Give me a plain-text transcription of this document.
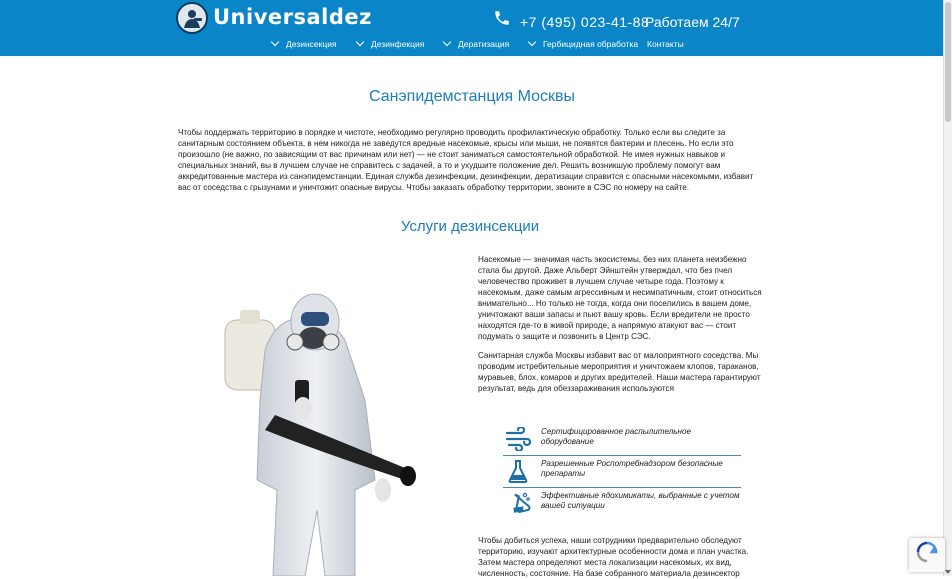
Universaldez	+7 (495) 023-41-88
Работаем 24/7
Дезинсекция	Дезинфекция	Дератизация	Гербицидная обработка Контакты
Санэпидемстанция Москвы
Чтобы поддержать территорию в порядке и чистоте, необходимо регулярно проводить профилактическую обработку. Только если вы следите за санитарным состоянием объекта, в нем никогда не заведутся вредные насекомые, крысы или мыши, не появятся бактерии и плесень. Но если это произошло (не важно, по зависящим от вас причинам или нет) — не стоит заниматься самостоятельной обработкой. Не имея нужных навыков и специальных знаний, вы в лучшем случае не справитесь с задачей, а то и ухудшите положение дел. Решить возникшую проблему помогут вам аккредитованные мастера из санэпидемстанции. Единая служба дезинфекции, дезинфекции, дератизации справится с опасными насекомыми, избавит вас от соседства с грызунами и уничтожит опасные вирусы. Чтобы заказать обработку территории, звоните в СЭС по номеру на сайте.
Услуги дезинсекции
Насекомые — значимая часть экосистемы, без них планета неизбежно стала бы другой. Даже Альберт Эйнштейн утверждал, что без пчел человечество проживет в лучшем случае четыре года. Поэтому к насекомым, даже самым агрессивным и несимпатичным, стоит относиться внимательно... Но только не тогда, когда они поселились в вашем доме, уничтожают ваши запасы и пьют вашу кровь. Если вредители не просто находятся где-то в живой природе, а напрямую атакуют вас — стоит подумать о защите и позвонить в Центр СЭС.
Санитарная служба Москвы избавит вас от малоприятного соседства. Мы проводим истребительные мероприятия и уничтожаем клопов, тараканов, муравьев, блох, комаров и других вредителей. Наши мастера гарантируют результат, ведь для обеззараживания используются
Сертифицированное распылительное оборудование
Разрешенные Роспотребнадзором безопасные препараты
Эффективные ядохимикаты, выбранные с учетом вашей ситуации
Чтобы добиться успеха, наши сотрудники предварительно обследуют территорию, изучают архитектурные особенности дома и план участка. Затем мастера определяют места локализации насекомых, их вид, численность, состояние. На базе собранного материала дезинсектор
